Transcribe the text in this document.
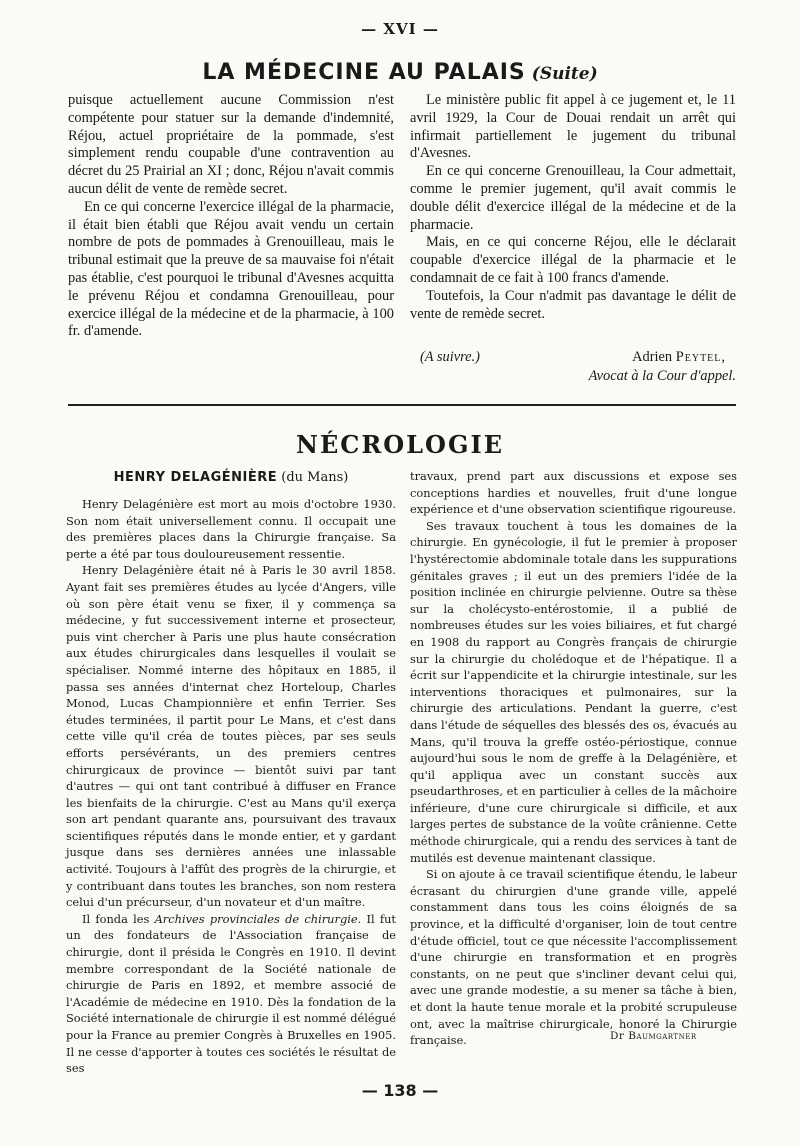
— XVI —
LA MÉDECINE AU PALAIS (Suite)

puisque actuellement aucune Commission n'est compétente pour statuer sur la demande d'indemnité, Réjou, actuel propriétaire de la pommade, s'est simplement rendu coupable d'une contravention au décret du 25 Prairial an XI ; donc, Réjou n'avait commis aucun délit de vente de remède secret.

En ce qui concerne l'exercice illégal de la pharmacie, il était bien établi que Réjou avait vendu un certain nombre de pots de pommades à Grenouilleau, mais le tribunal estimait que la preuve de sa mauvaise foi n'était pas établie, c'est pourquoi le tribunal d'Avesnes acquitta le prévenu Réjou et condamna Grenouilleau, pour exercice illégal de la médecine et de la pharmacie, à 100 fr. d'amende.

Le ministère public fit appel à ce jugement et, le 11 avril 1929, la Cour de Douai rendait un arrêt qui infirmait partiellement le jugement du tribunal d'Avesnes.

En ce qui concerne Grenouilleau, la Cour admettait, comme le premier jugement, qu'il avait commis le double délit d'exercice illégal de la médecine et de la pharmacie.

Mais, en ce qui concerne Réjou, elle le déclarait coupable d'exercice illégal de la pharmacie et le condamnait de ce fait à 100 francs d'amende.

Toutefois, la Cour n'admit pas davantage le délit de vente de remède secret.

(A suivre.)	Adrien Peytel,
Avocat à la Cour d'appel.
NÉCROLOGIE
HENRY DELAGÉNIÈRE (du Mans)

Henry Delagénière est mort au mois d'octobre 1930. Son nom était universellement connu. Il occupait une des premières places dans la Chirurgie française. Sa perte a été par tous douloureusement ressentie.

Henry Delagénière était né à Paris le 30 avril 1858. Ayant fait ses premières études au lycée d'Angers, ville où son père était venu se fixer, il y commença sa médecine, y fut successivement interne et prosecteur, puis vint chercher à Paris une plus haute consécration aux études chirurgicales dans lesquelles il voulait se spécialiser. Nommé interne des hôpitaux en 1885, il passa ses années d'internat chez Horteloup, Charles Monod, Lucas Championnière et enfin Terrier. Ses études terminées, il partit pour Le Mans, et c'est dans cette ville qu'il créa de toutes pièces, par ses seuls efforts persévérants, un des premiers centres chirurgicaux de province — bientôt suivi par tant d'autres — qui ont tant contribué à diffuser en France les bienfaits de la chirurgie. C'est au Mans qu'il exerça son art pendant quarante ans, poursuivant des travaux scientifiques réputés dans le monde entier, et y gardant jusque dans ses dernières années une inlassable activité. Toujours à l'affût des progrès de la chirurgie, et y contribuant dans toutes les branches, son nom restera celui d'un précurseur, d'un novateur et d'un maître.

Il fonda les Archives provinciales de chirurgie. Il fut un des fondateurs de l'Association française de chirurgie, dont il présida le Congrès en 1910. Il devint membre correspondant de la Société nationale de chirurgie de Paris en 1892, et membre associé de l'Académie de médecine en 1910. Dès la fondation de la Société internationale de chirurgie il est nommé délégué pour la France au premier Congrès à Bruxelles en 1905. Il ne cesse d'apporter à toutes ces sociétés le résultat de ses

travaux, prend part aux discussions et expose ses conceptions hardies et nouvelles, fruit d'une longue expérience et d'une observation scientifique rigoureuse.

Ses travaux touchent à tous les domaines de la chirurgie. En gynécologie, il fut le premier à proposer l'hystérectomie abdominale totale dans les suppurations génitales graves ; il eut un des premiers l'idée de la position inclinée en chirurgie pelvienne. Outre sa thèse sur la cholécysto-entérostomie, il a publié de nombreuses études sur les voies biliaires, et fut chargé en 1908 du rapport au Congrès français de chirurgie sur la chirurgie du cholédoque et de l'hépatique. Il a écrit sur l'appendicite et la chirurgie intestinale, sur les interventions thoraciques et pulmonaires, sur la chirurgie des articulations. Pendant la guerre, c'est dans l'étude de séquelles des blessés des os, évacués au Mans, qu'il trouva la greffe ostéo-périostique, connue aujourd'hui sous le nom de greffe à la Delagénière, et qu'il appliqua avec un constant succès aux pseudarthroses, et en particulier à celles de la mâchoire inférieure, d'une cure chirurgicale si difficile, et aux larges pertes de substance de la voûte crânienne. Cette méthode chirurgicale, qui a rendu des services à tant de mutilés est devenue maintenant classique.

Si on ajoute à ce travail scientifique étendu, le labeur écrasant du chirurgien d'une grande ville, appelé constamment dans tous les coins éloignés de sa province, et la difficulté d'organiser, loin de tout centre d'étude officiel, tout ce que nécessite l'accomplissement d'une chirurgie en transformation et en progrès constants, on ne peut que s'incliner devant celui qui, avec une grande modestie, a su mener sa tâche à bien, et dont la haute tenue morale et la probité scrupuleuse ont, avec la maîtrise chirurgicale, honoré la Chirurgie française.	Dr Baumgartner
— 138 —
